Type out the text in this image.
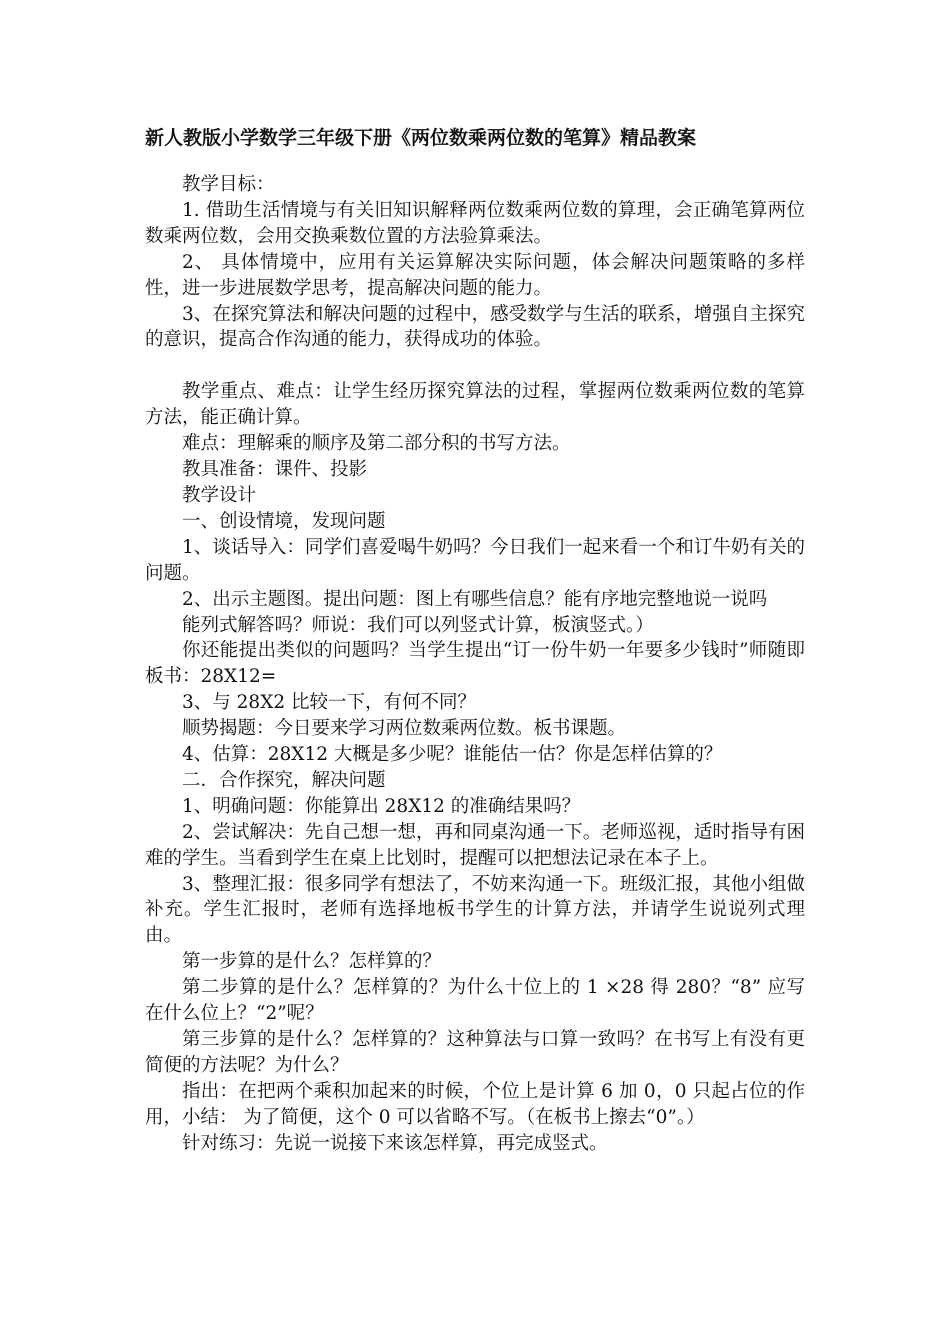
新人教版小学数学三年级下册《两位数乘两位数的笔算》精品教案

教学目标：

1. 借助生活情境与有关旧知识解释两位数乘两位数的算理，会正确笔算两位数乘两位数，会用交换乘数位置的方法验算乘法。

2、 具体情境中，应用有关运算解决实际问题，体会解决问题策略的多样性，进一步进展数学思考，提高解决问题的能力。

3、在探究算法和解决问题的过程中，感受数学与生活的联系，增强自主探究的意识，提高合作沟通的能力，获得成功的体验。

教学重点、难点：让学生经历探究算法的过程，掌握两位数乘两位数的笔算方法，能正确计算。

难点：理解乘的顺序及第二部分积的书写方法。

教具准备：课件、投影

教学设计

一、创设情境，发现问题

1、谈话导入：同学们喜爱喝牛奶吗？今日我们一起来看一个和订牛奶有关的问题。

2、出示主题图。提出问题：图上有哪些信息？能有序地完整地说一说吗

能列式解答吗？师说：我们可以列竖式计算，板演竖式。）

你还能提出类似的问题吗？当学生提出“订一份牛奶一年要多少钱时”师随即板书：28X12=

3、与 28X2 比较一下，有何不同？

顺势揭题：今日要来学习两位数乘两位数。板书课题。

4、估算：28X12 大概是多少呢？谁能估一估？你是怎样估算的？

二．合作探究，解决问题

1、明确问题：你能算出 28X12 的准确结果吗？

2、尝试解决：先自己想一想，再和同桌沟通一下。老师巡视，适时指导有困难的学生。当看到学生在桌上比划时，提醒可以把想法记录在本子上。

3、整理汇报：很多同学有想法了，不妨来沟通一下。班级汇报，其他小组做补充。学生汇报时，老师有选择地板书学生的计算方法，并请学生说说列式理由。

第一步算的是什么？怎样算的？

第二步算的是什么？怎样算的？为什么十位上的 1 ×28 得 280？“8” 应写在什么位上？“2”呢？

第三步算的是什么？怎样算的？这种算法与口算一致吗？在书写上有没有更简便的方法呢？为什么？

指出：在把两个乘积加起来的时候，个位上是计算 6 加 0，0 只起占位的作用，小结： 为了简便，这个 0 可以省略不写。（在板书上擦去“0”。）

针对练习：先说一说接下来该怎样算，再完成竖式。
